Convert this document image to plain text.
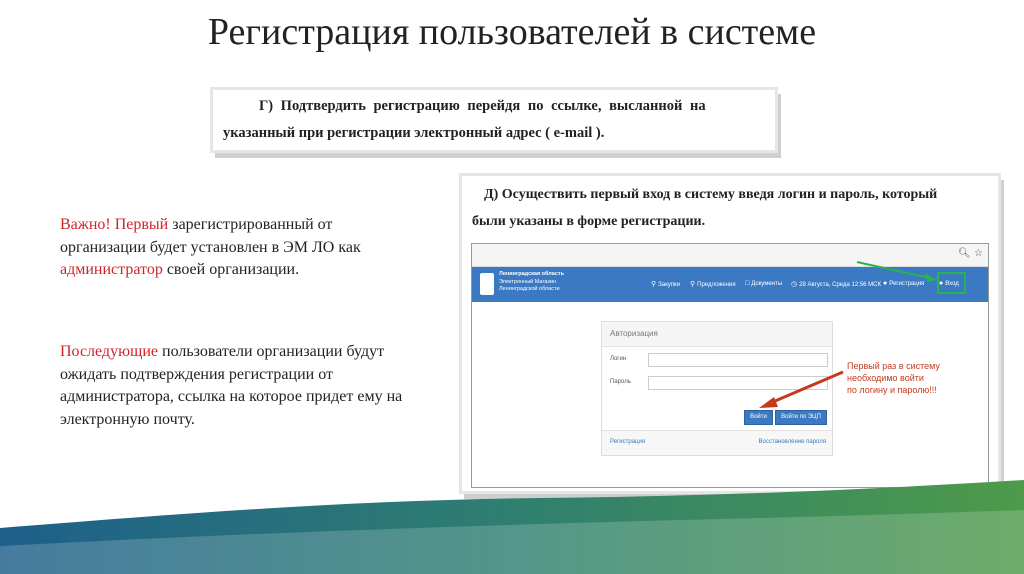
Регистрация пользователей в системе
Г) Подтвердить регистрацию перейдя по ссылке, высланной на
указанный при регистрации электронный адрес ( e-mail ).
Д) Осуществить первый вход в систему введя логин и пароль, который
были указаны в форме регистрации.
Важно! Первый зарегистрированный от организации будет установлен в ЭМ ЛО как администратор своей организации.
Последующие пользователи организации будут ожидать подтверждения регистрации от администратора, ссылка на которое придет ему на электронную почту.
🔍︎ ☆
Ленинградская область
Электронный Магазин
Ленинградской области
⚲ Закупки ⚲ Предложения □ Документы ◷ 28 Августа, Среда 12:56 МСК ● Регистрация ● Вход
Авторизация
Логин
Пароль
Войти	Войти по ЭЦП
Регистрация	Восстановление пароля
Первый раз в систему
необходимо войти
по логину и паролю!!!
